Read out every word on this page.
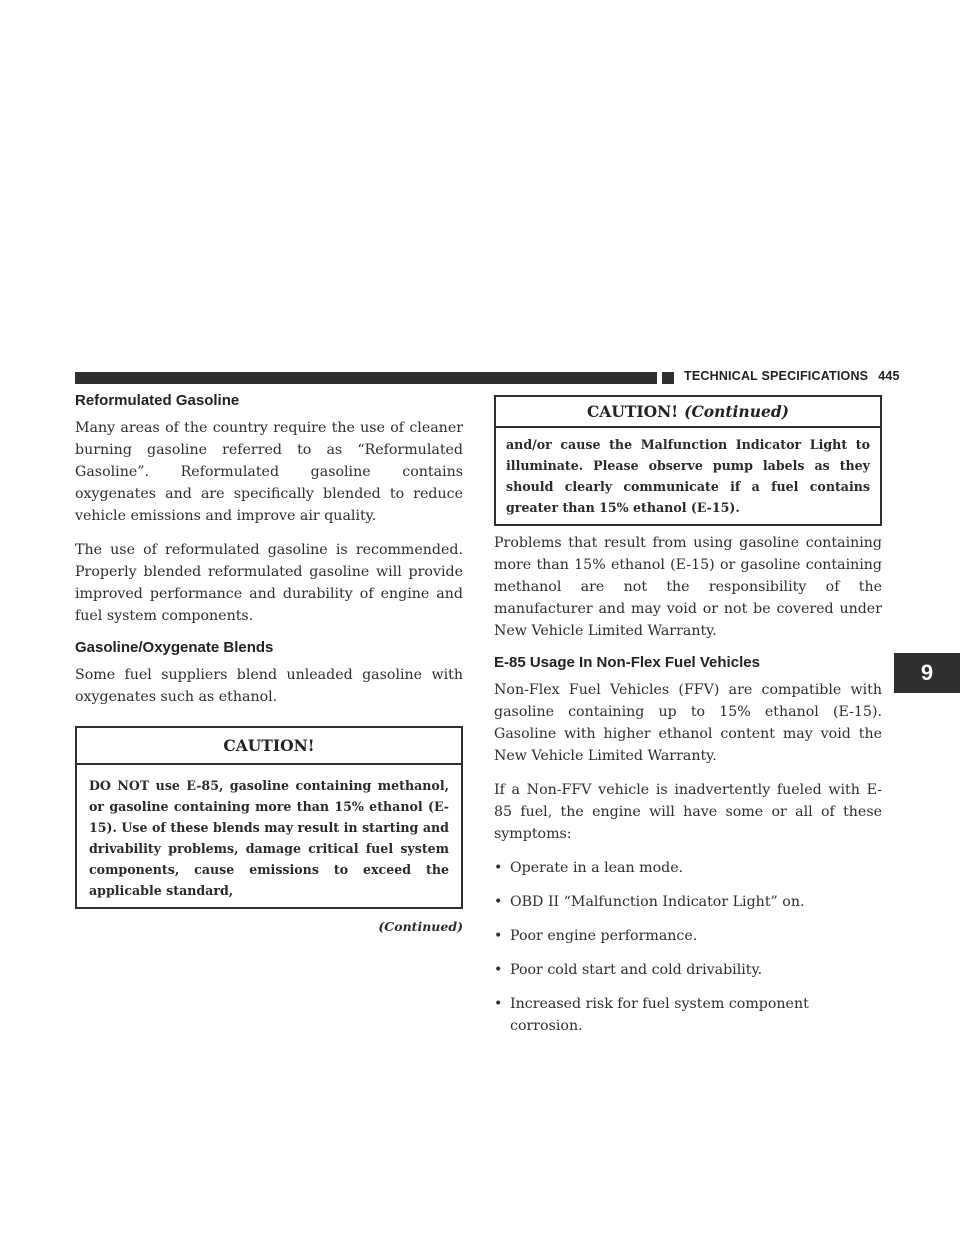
TECHNICAL SPECIFICATIONS 445
Reformulated Gasoline

Many areas of the country require the use of cleaner burning gasoline referred to as “Reformulated Gasoline”. Reformulated gasoline contains oxygenates and are specifically blended to reduce vehicle emissions and improve air quality.

The use of reformulated gasoline is recommended. Properly blended reformulated gasoline will provide improved performance and durability of engine and fuel system components.

Gasoline/Oxygenate Blends

Some fuel suppliers blend unleaded gasoline with oxygenates such as ethanol.

CAUTION!
DO NOT use E-85, gasoline containing methanol, or gasoline containing more than 15% ethanol (E-15). Use of these blends may result in starting and drivability problems, damage critical fuel system components, cause emissions to exceed the applicable standard,
(Continued)
CAUTION! (Continued)
and/or cause the Malfunction Indicator Light to illuminate. Please observe pump labels as they should clearly communicate if a fuel contains greater than 15% ethanol (E-15).

Problems that result from using gasoline containing more than 15% ethanol (E-15) or gasoline containing methanol are not the responsibility of the manufacturer and may void or not be covered under New Vehicle Limited Warranty.

E-85 Usage In Non-Flex Fuel Vehicles

Non-Flex Fuel Vehicles (FFV) are compatible with gasoline containing up to 15% ethanol (E-15). Gasoline with higher ethanol content may void the New Vehicle Limited Warranty.

If a Non-FFV vehicle is inadvertently fueled with E-85 fuel, the engine will have some or all of these symptoms:

• Operate in a lean mode.
• OBD II “Malfunction Indicator Light” on.
• Poor engine performance.
• Poor cold start and cold drivability.
• Increased risk for fuel system component corrosion.
9
